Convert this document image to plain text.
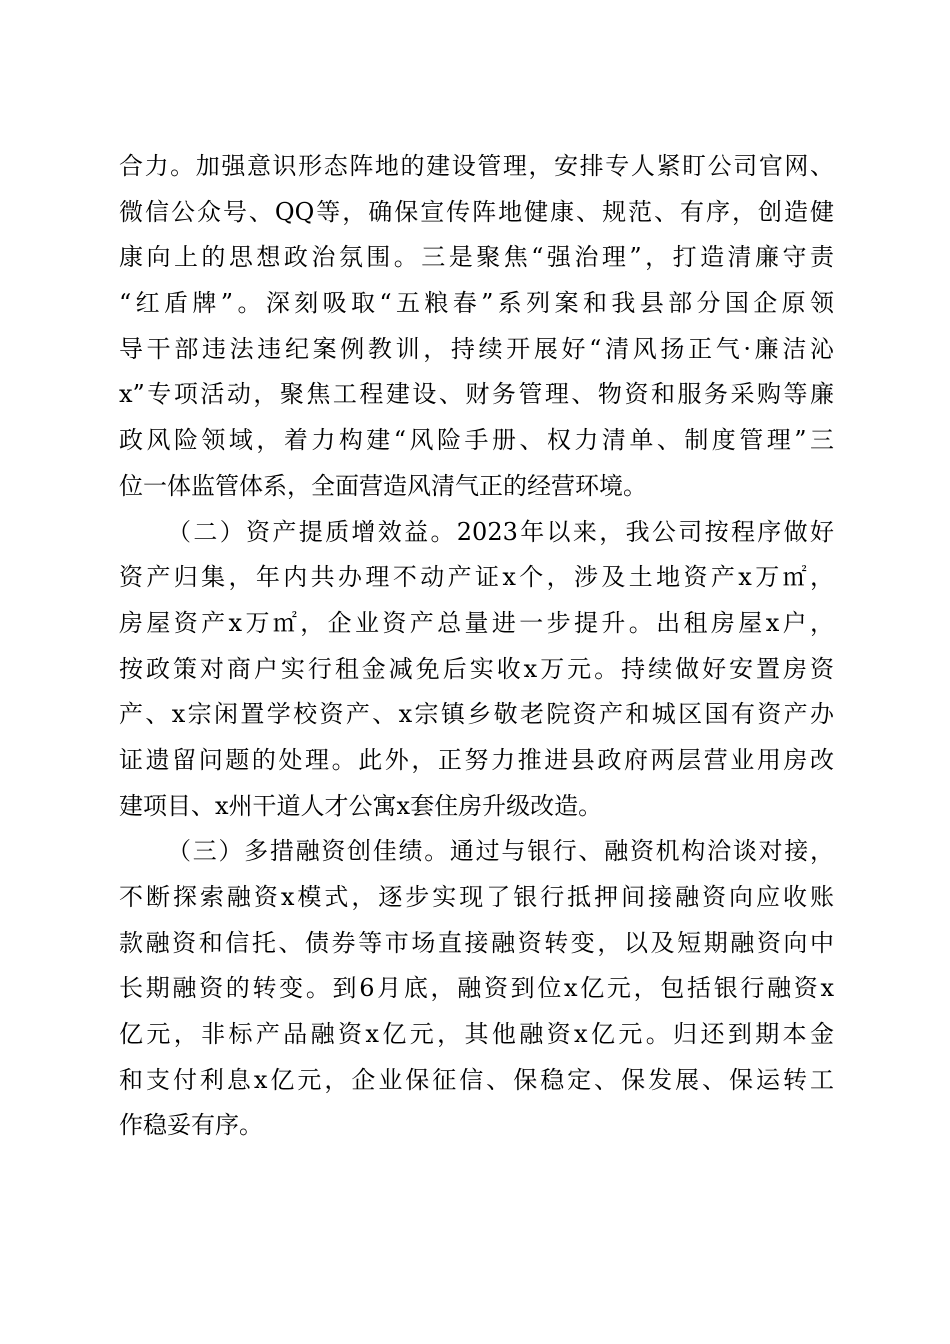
合力。加强意识形态阵地的建设管理，安排专人紧盯公司官网、
微信公众号、QQ等，确保宣传阵地健康、规范、有序，创造健
康向上的思想政治氛围。三是聚焦“强治理”，打造清廉守责
“红盾牌”。深刻吸取“五粮春”系列案和我县部分国企原领
导干部违法违纪案例教训，持续开展好“清风扬正气·廉洁沁
x”专项活动，聚焦工程建设、财务管理、物资和服务采购等廉
政风险领域，着力构建“风险手册、权力清单、制度管理”三
位一体监管体系，全面营造风清气正的经营环境。
（二）资产提质增效益。2023年以来，我公司按程序做好
资产归集，年内共办理不动产证x个，涉及土地资产x万㎡，
房屋资产x万㎡，企业资产总量进一步提升。出租房屋x户，
按政策对商户实行租金减免后实收x万元。持续做好安置房资
产、x宗闲置学校资产、x宗镇乡敬老院资产和城区国有资产办
证遗留问题的处理。此外，正努力推进县政府两层营业用房改
建项目、x州干道人才公寓x套住房升级改造。
（三）多措融资创佳绩。通过与银行、融资机构洽谈对接，
不断探索融资x模式，逐步实现了银行抵押间接融资向应收账
款融资和信托、债券等市场直接融资转变，以及短期融资向中
长期融资的转变。到6月底，融资到位x亿元，包括银行融资x
亿元，非标产品融资x亿元，其他融资x亿元。归还到期本金
和支付利息x亿元，企业保征信、保稳定、保发展、保运转工
作稳妥有序。
